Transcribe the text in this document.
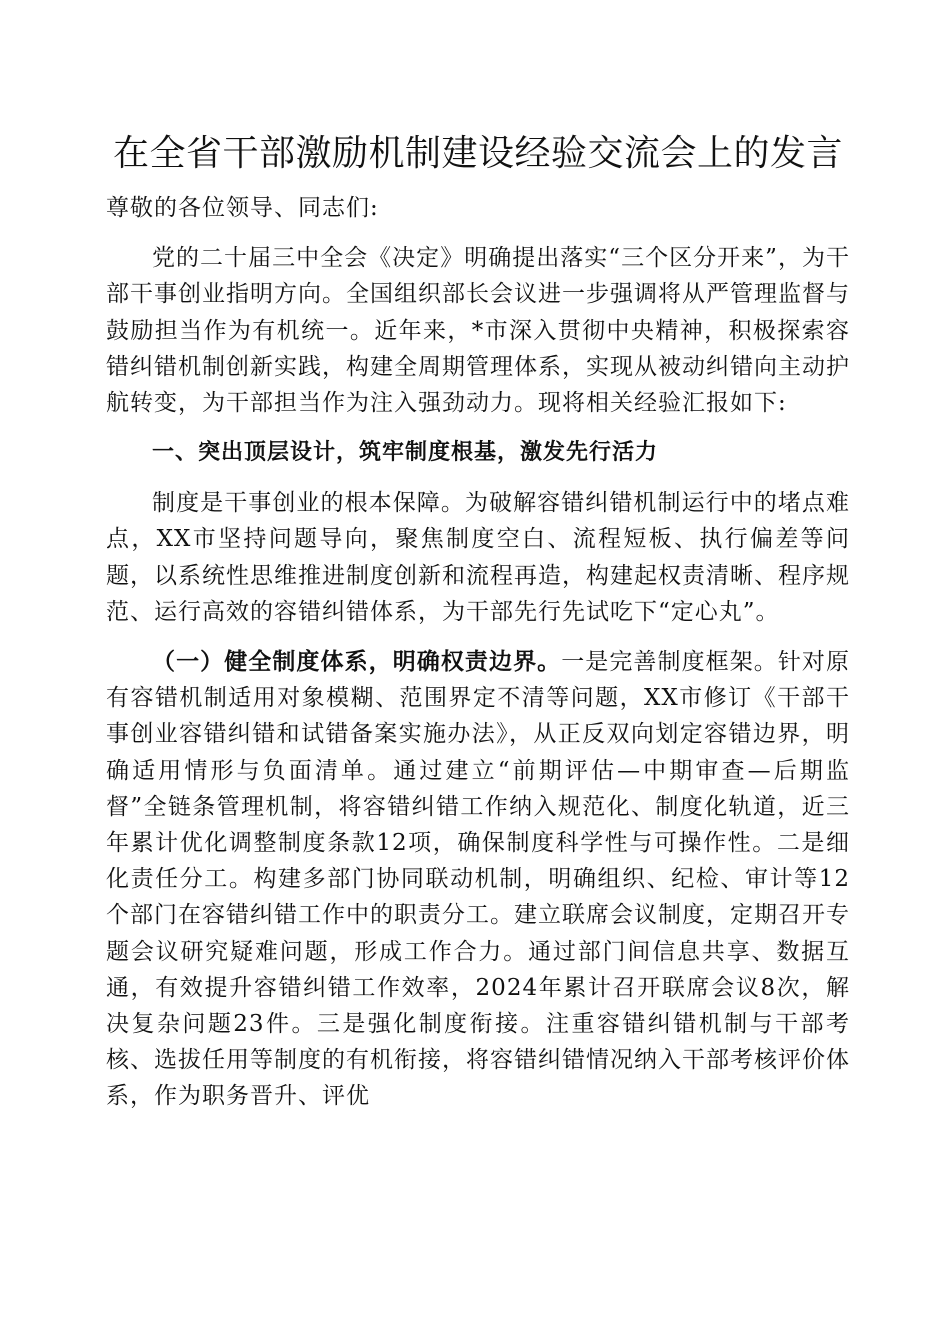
在全省干部激励机制建设经验交流会上的发言

尊敬的各位领导、同志们:

党的二十届三中全会《决定》明确提出落实“三个区分开来”，为干部干事创业指明方向。全国组织部长会议进一步强调将从严管理监督与鼓励担当作为有机统一。近年来，*市深入贯彻中央精神，积极探索容错纠错机制创新实践，构建全周期管理体系，实现从被动纠错向主动护航转变，为干部担当作为注入强劲动力。现将相关经验汇报如下:

一、突出顶层设计，筑牢制度根基，激发先行活力

制度是干事创业的根本保障。为破解容错纠错机制运行中的堵点难点，XX市坚持问题导向，聚焦制度空白、流程短板、执行偏差等问题，以系统性思维推进制度创新和流程再造，构建起权责清晰、程序规范、运行高效的容错纠错体系，为干部先行先试吃下“定心丸”。

（一）健全制度体系，明确权责边界。一是完善制度框架。针对原有容错机制适用对象模糊、范围界定不清等问题，XX市修订《干部干事创业容错纠错和试错备案实施办法》，从正反双向划定容错边界，明确适用情形与负面清单。通过建立“前期评估—中期审查—后期监督”全链条管理机制，将容错纠错工作纳入规范化、制度化轨道，近三年累计优化调整制度条款12项，确保制度科学性与可操作性。二是细化责任分工。构建多部门协同联动机制，明确组织、纪检、审计等12个部门在容错纠错工作中的职责分工。建立联席会议制度，定期召开专题会议研究疑难问题，形成工作合力。通过部门间信息共享、数据互通，有效提升容错纠错工作效率，2024年累计召开联席会议8次，解决复杂问题23件。三是强化制度衔接。注重容错纠错机制与干部考核、选拔任用等制度的有机衔接，将容错纠错情况纳入干部考核评价体系，作为职务晋升、评优
